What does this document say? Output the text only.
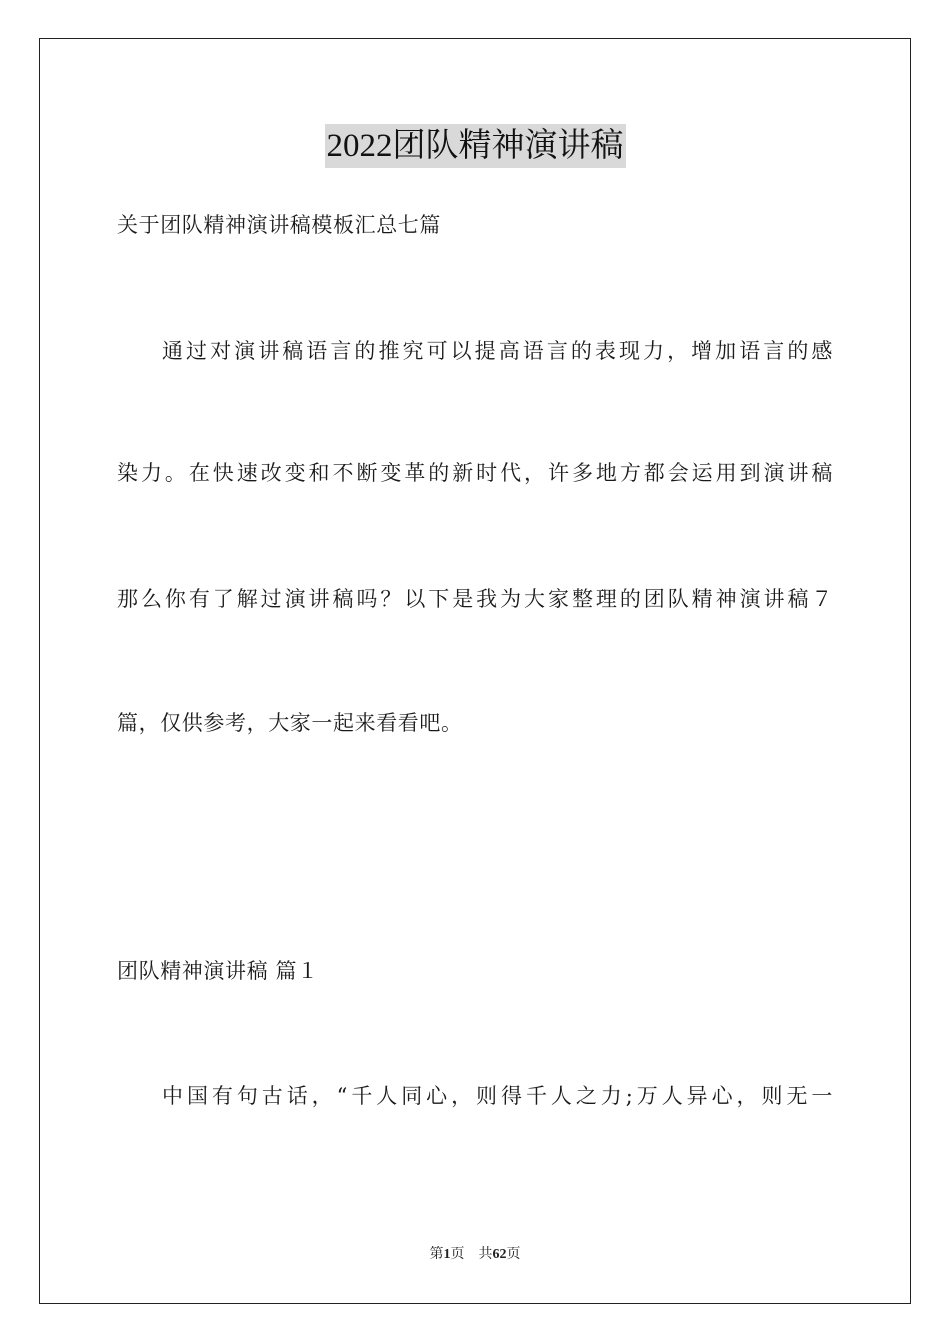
2022团队精神演讲稿
关于团队精神演讲稿模板汇总七篇
通过对演讲稿语言的推究可以提高语言的表现力，增加语言的感
染力。在快速改变和不断变革的新时代，许多地方都会运用到演讲稿
那么你有了解过演讲稿吗？以下是我为大家整理的团队精神演讲稿７
篇，仅供参考，大家一起来看看吧。
团队精神演讲稿 篇１
中国有句古话，“千人同心，则得千人之力;万人异心，则无一
第1页 共62页
